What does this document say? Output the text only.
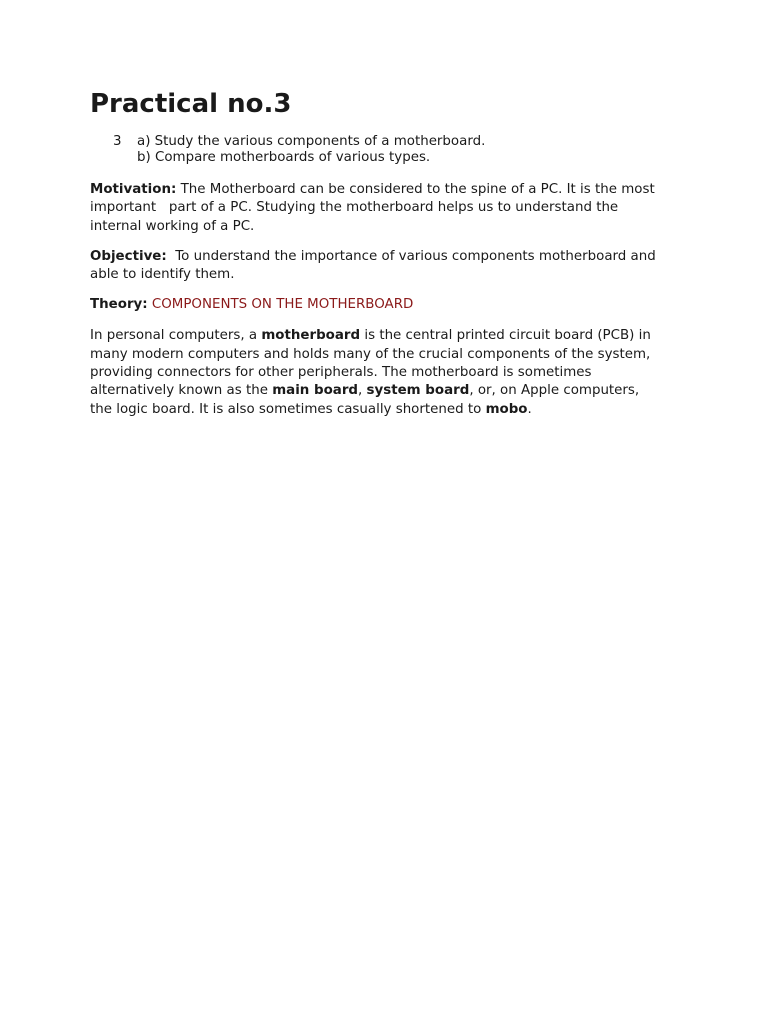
Practical no.3
3	a) Study the various components of a motherboard.
b) Compare motherboards of various types.

Motivation: The Motherboard can be considered to the spine of a PC. It is the most
important   part of a PC. Studying the motherboard helps us to understand the
internal working of a PC.

Objective:  To understand the importance of various components motherboard and
able to identify them.

Theory: COMPONENTS ON THE MOTHERBOARD

In personal computers, a motherboard is the central printed circuit board (PCB) in
many modern computers and holds many of the crucial components of the system,
providing connectors for other peripherals. The motherboard is sometimes
alternatively known as the main board, system board, or, on Apple computers,
the logic board. It is also sometimes casually shortened to mobo.
